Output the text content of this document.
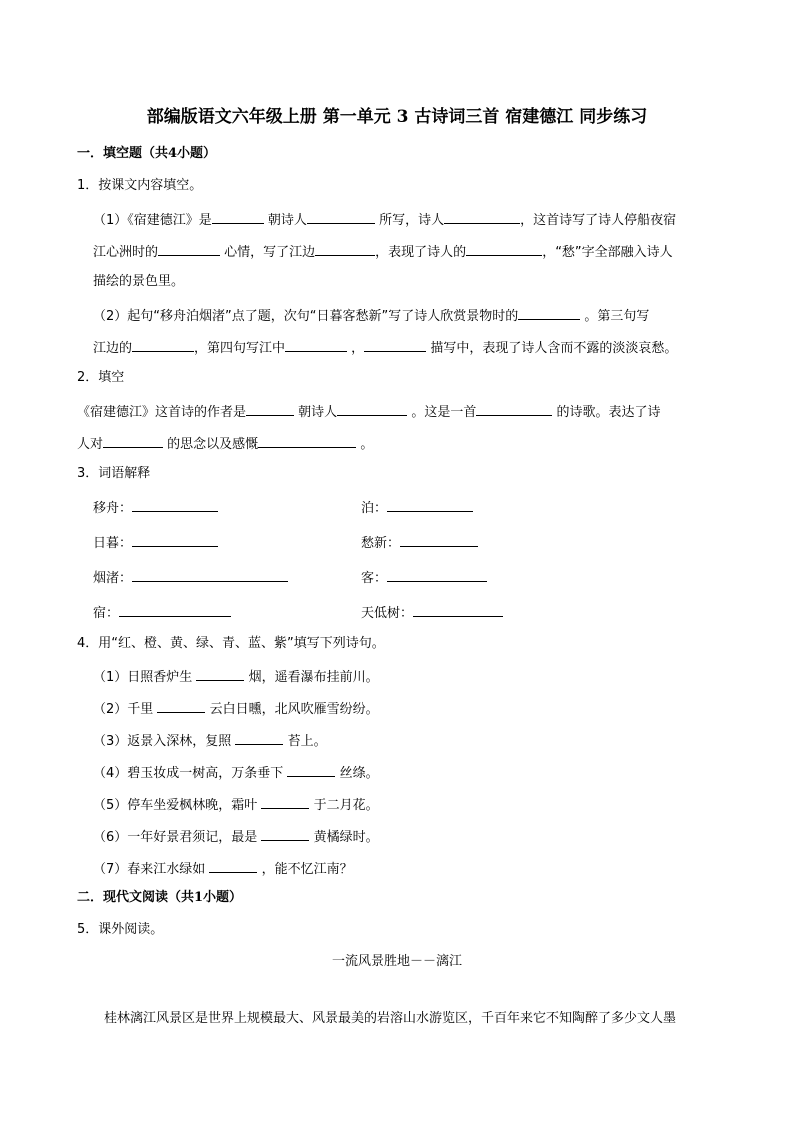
部编版语文六年级上册 第一单元 3 古诗词三首 宿建德江 同步练习
一．填空题（共4小题）
1．按课文内容填空。
（1）《宿建德江》是	朝诗人	所写，诗人	，这首诗写了诗人停船夜宿
江心洲时的	心情，写了江边	，表现了诗人的	，“愁”字全部融入诗人
描绘的景色里。
（2）起句“移舟泊烟渚”点了题，次句“日暮客愁新”写了诗人欣赏景物时的	。第三句写
江边的	，第四句写江中	，	描写中，表现了诗人含而不露的淡淡哀愁。
2．填空
《宿建德江》这首诗的作者是	朝诗人	。这是一首	的诗歌。表达了诗
人对	的思念以及感慨	。
3．词语解释
移舟：	泊：
日暮：	愁新：
烟渚：	客：
宿：	天低树：
4．用“红、橙、黄、绿、青、蓝、紫”填写下列诗句。
（1）日照香炉生	烟，遥看瀑布挂前川。
（2）千里	云白日曛，北风吹雁雪纷纷。
（3）返景入深林，复照	苔上。
（4）碧玉妆成一树高，万条垂下	丝绦。
（5）停车坐爱枫林晚，霜叶	于二月花。
（6）一年好景君须记，最是	黄橘绿时。
（7）春来江水绿如	，能不忆江南？
二．现代文阅读（共1小题）
5．课外阅读。
一流风景胜地－－漓江
桂林漓江风景区是世界上规模最大、风景最美的岩溶山水游览区，千百年来它不知陶醉了多少文人墨
